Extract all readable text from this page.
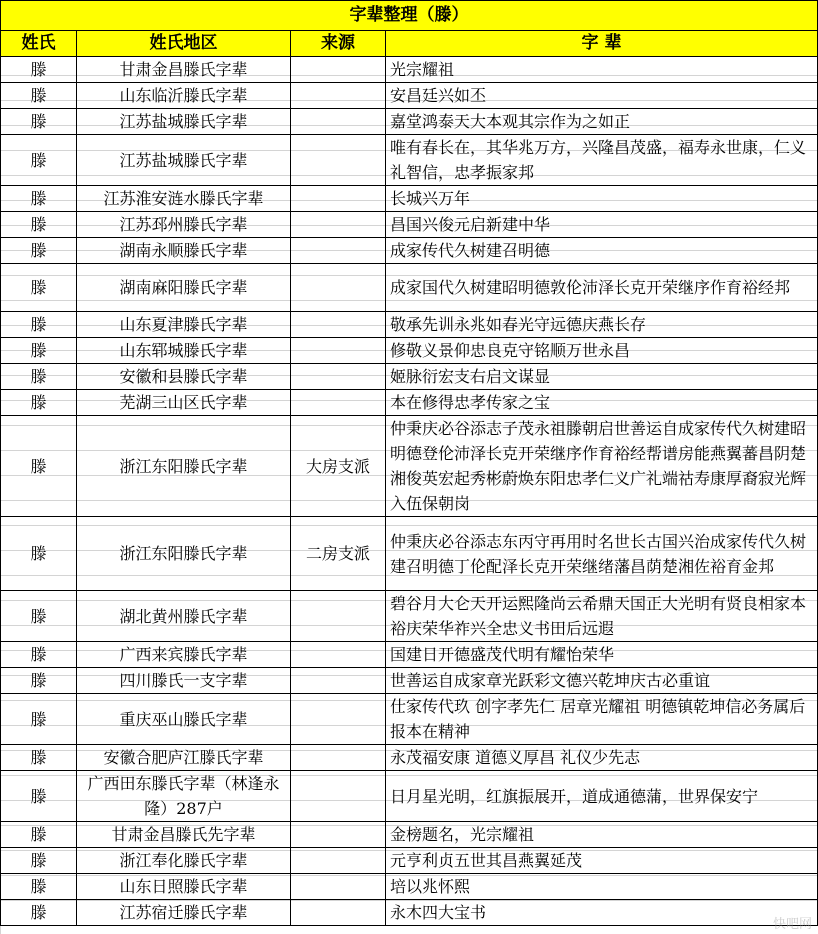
字辈整理（滕）			
姓氏	姓氏地区	来源	字 辈
滕	甘肃金昌滕氏字辈		光宗耀祖
滕	山东临沂滕氏字辈		安昌廷兴如丕
滕	江苏盐城滕氏字辈		嘉堂鸿泰天大本观其宗作为之如正
滕	江苏盐城滕氏字辈		唯有春长在，其华兆万方，兴隆昌茂盛，福寿永世康，仁义礼智信，忠孝振家邦
滕	江苏淮安涟水滕氏字辈		长城兴万年
滕	江苏邳州滕氏字辈		昌国兴俊元启新建中华
滕	湖南永顺滕氏字辈		成家传代久树建召明德
滕	湖南麻阳滕氏字辈		成家国代久树建昭明德敦伦沛泽长克开荣继序作育裕经邦
滕	山东夏津滕氏字辈		敬承先训永兆如春光守远德庆燕长存
滕	山东郓城滕氏字辈		修敬义景仰忠良克守铭顺万世永昌
滕	安徽和县滕氏字辈		姬脉衍宏支右启文谋显
滕	芜湖三山区氏字辈		本在修得忠孝传家之宝
滕	浙江东阳滕氏字辈	大房支派	仲秉庆必谷添志子茂永祖滕朝启世善运自成家传代久树建昭明德登伦沛泽长克开荣继序作育裕经帮谱房能燕翼蕃昌阴楚湘俊英宏起秀彬蔚焕东阳忠孝仁义广礼端祜寿康厚裔寂光辉入伍保朝岗
滕	浙江东阳滕氏字辈	二房支派	仲秉庆必谷添志东丙守再用时名世长古国兴治成家传代久树建召明德丁伦配泽长克开荣继绪藩昌荫楚湘佐裕育金邦
滕	湖北黄州滕氏字辈		碧谷月大仑天开运熙隆尚云希鼎天国正大光明有贤良相家本裕庆荣华祚兴全忠义书田后远遐
滕	广西来宾滕氏字辈		国建日开德盛茂代明有耀怡荣华
滕	四川滕氏一支字辈		世善运自成家章光跃彩文德兴乾坤庆古必重谊
滕	重庆巫山滕氏字辈		仕家传代玖 创字孝先仁 居章光耀祖 明德镇乾坤信必务属后 报本在精神
滕	安徽合肥庐江滕氏字辈		永茂福安康 道德义厚昌 礼仪少先志
滕	广西田东滕氏字辈（林逢永隆）287户		日月星光明，红旗振展开，道成通德蒲，世界保安宁
滕	甘肃金昌滕氏先字辈		金榜题名，光宗耀祖
滕	浙江奉化滕氏字辈		元亨利贞五世其昌燕翼延茂
滕	山东日照滕氏字辈		培以兆怀熙
滕	江苏宿迁滕氏字辈		永木四大宝书
快吧网
